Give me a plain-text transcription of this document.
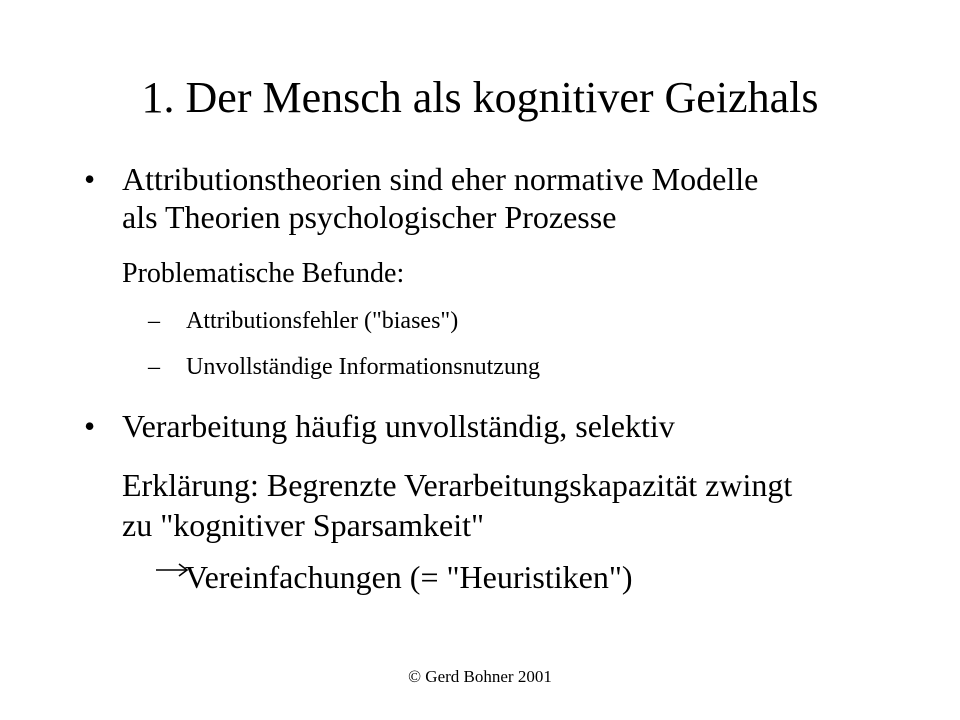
1. Der Mensch als kognitiver Geizhals
• Attributionstheorien sind eher normative Modelle
als Theorien psychologischer Prozesse
Problematische Befunde:
– Attributionsfehler ("biases")
– Unvollständige Informationsnutzung
• Verarbeitung häufig unvollständig, selektiv
Erklärung: Begrenzte Verarbeitungskapazität zwingt
zu "kognitiver Sparsamkeit"
Vereinfachungen (= "Heuristiken")
© Gerd Bohner 2001
